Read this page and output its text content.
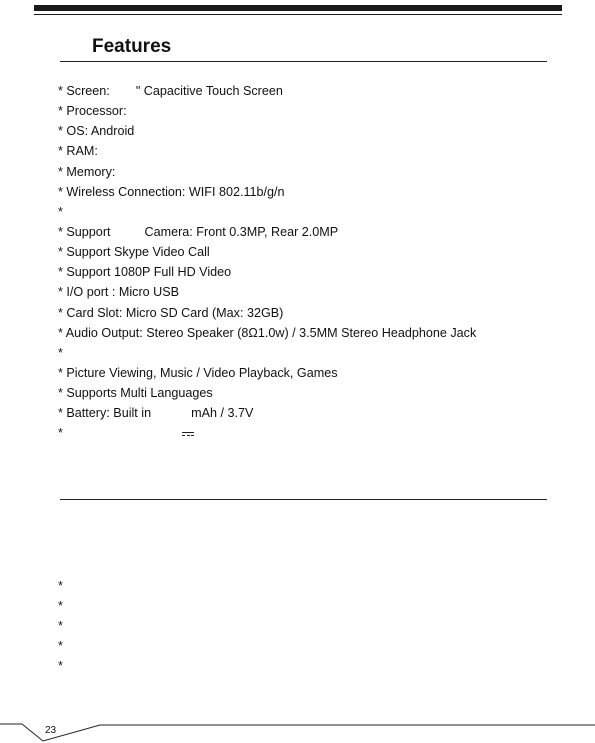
Features
* Screen: " Capacitive Touch Screen
* Processor:
* OS: Android
* RAM:
* Memory:
* Wireless Connection: WIFI 802.11b/g/n
*
* Support	Camera: Front 0.3MP, Rear 2.0MP
* Support Skype Video Call
* Support 1080P Full HD Video
* I/O port : Micro USB
* Card Slot: Micro SD Card (Max: 32GB)
* Audio Output: Stereo Speaker (8Ω1.0w) / 3.5MM Stereo Headphone Jack
*
* Picture Viewing, Music / Video Playback, Games
* Supports Multi Languages
* Battery: Built in	mAh / 3.7V
*
*
*
*
*
*
23
